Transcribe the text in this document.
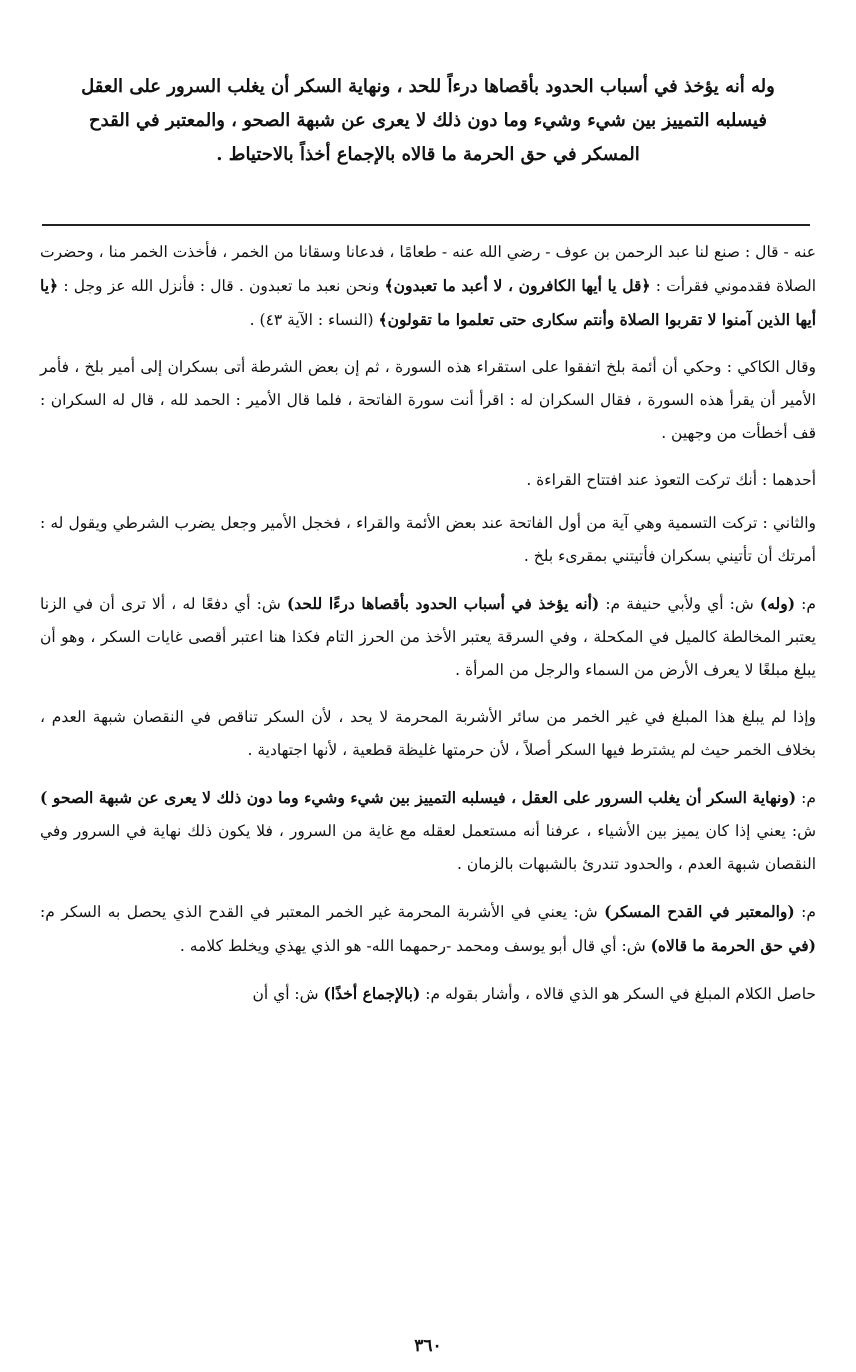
وله أنه يؤخذ في أسباب الحدود بأقصاها درءاً للحد ، ونهاية السكر أن يغلب السرور على العقل
فيسلبه التمييز بين شيء وشيء وما دون ذلك لا يعرى عن شبهة الصحو ، والمعتبر في القدح
المسكر في حق الحرمة ما قالاه بالإجماع أخذاً بالاحتياط .

عنه - قال : صنع لنا عبد الرحمن بن عوف - رضي الله عنه - طعامًا ، فدعانا وسقانا من الخمر ، فأخذت الخمر منا ، وحضرت الصلاة فقدموني فقرأت : ﴿قل يا أيها الكافرون ، لا أعبد ما تعبدون﴾ ونحن نعبد ما تعبدون . قال : فأنزل الله عز وجل : ﴿يا أيها الذين آمنوا لا تقربوا الصلاة وأنتم سكارى حتى تعلموا ما تقولون﴾ (النساء : الآية ٤٣) .

وقال الكاكي : وحكي أن أئمة بلخ اتفقوا على استقراء هذه السورة ، ثم إن بعض الشرطة أتى بسكران إلى أمير بلخ ، فأمر الأمير أن يقرأ هذه السورة ، فقال السكران له : اقرأ أنت سورة الفاتحة ، فلما قال الأمير : الحمد لله ، قال له السكران : قف أخطأت من وجهين .

أحدهما : أنك تركت التعوذ عند افتتاح القراءة .

والثاني : تركت التسمية وهي آية من أول الفاتحة عند بعض الأئمة والقراء ، فخجل الأمير وجعل يضرب الشرطي ويقول له : أمرتك أن تأتيني بسكران فأتيتني بمقرىء بلخ .

م: (وله) ش: أي ولأبي حنيفة م: (أنه يؤخذ في أسباب الحدود بأقصاها درءًا للحد) ش: أي دفعًا له ، ألا ترى أن في الزنا يعتبر المخالطة كالميل في المكحلة ، وفي السرقة يعتبر الأخذ من الحرز التام فكذا هنا اعتبر أقصى غايات السكر ، وهو أن يبلغ مبلغًا لا يعرف الأرض من السماء والرجل من المرأة .

وإذا لم يبلغ هذا المبلغ في غير الخمر من سائر الأشربة المحرمة لا يحد ، لأن السكر تناقص في النقصان شبهة العدم ، بخلاف الخمر حيث لم يشترط فيها السكر أصلاً ، لأن حرمتها غليظة قطعية ، لأنها اجتهادية .

م: (ونهاية السكر أن يغلب السرور على العقل ، فيسلبه التمييز بين شيء وشيء وما دون ذلك لا يعرى عن شبهة الصحو ) ش: يعني إذا كان يميز بين الأشياء ، عرفنا أنه مستعمل لعقله مع غاية من السرور ، فلا يكون ذلك نهاية في السرور وفي النقصان شبهة العدم ، والحدود تندرئ بالشبهات بالزمان .

م: (والمعتبر في القدح المسكر) ش: يعني في الأشربة المحرمة غير الخمر المعتبر في القدح الذي يحصل به السكر م: (في حق الحرمة ما قالاه) ش: أي قال أبو يوسف ومحمد -رحمهما الله- هو الذي يهذي ويخلط كلامه .

حاصل الكلام المبلغ في السكر هو الذي قالاه ، وأشار بقوله م: (بالإجماع أخذًا) ش: أي أن

٣٦٠
